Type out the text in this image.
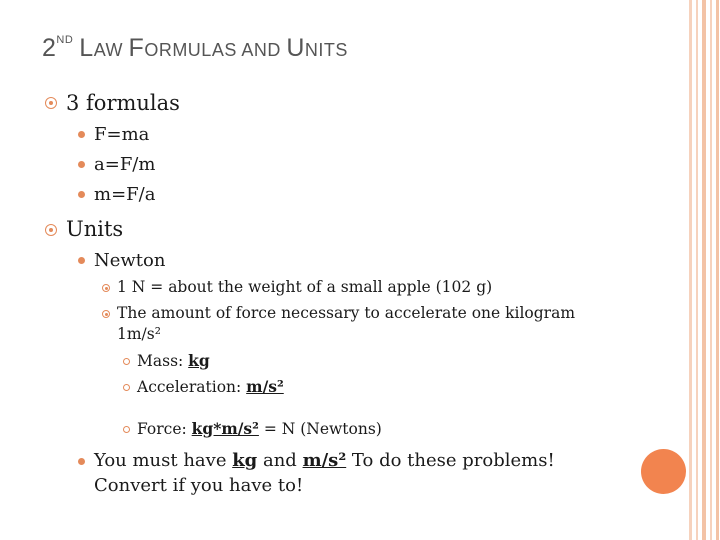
2ND LAW FORMULAS AND UNITS
3 formulas
F=ma
a=F/m
m=F/a
Units
Newton
1 N = about the weight of a small apple (102 g)
The amount of force necessary to accelerate one kilogram
1m/s²
Mass: kg
Acceleration: m/s²
Force: kg*m/s² = N (Newtons)
You must have kg and m/s² To do these problems!
Convert if you have to!
